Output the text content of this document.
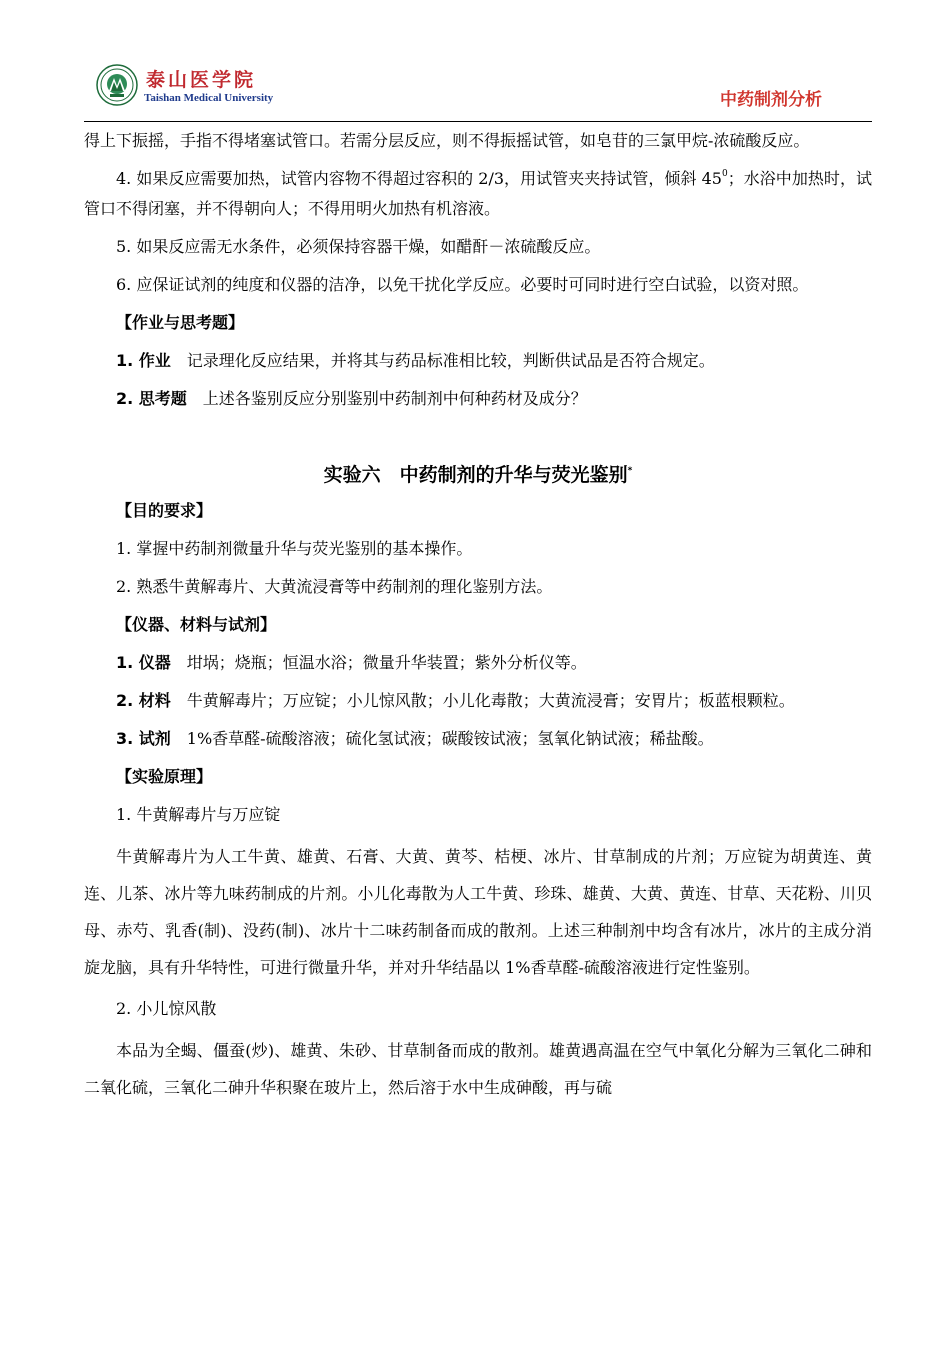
泰山医学院
Taishan Medical University	中药制剂分析

得上下振摇，手指不得堵塞试管口。若需分层反应，则不得振摇试管，如皂苷的三氯甲烷-浓硫酸反应。

4. 如果反应需要加热，试管内容物不得超过容积的 2/3，用试管夹夹持试管，倾斜 $45^0$；水浴中加热时，试管口不得闭塞，并不得朝向人；不得用明火加热有机溶液。

5. 如果反应需无水条件，必须保持容器干燥，如醋酐－浓硫酸反应。

6. 应保证试剂的纯度和仪器的洁净，以免干扰化学反应。必要时可同时进行空白试验，以资对照。

【作业与思考题】

1. 作业 记录理化反应结果，并将其与药品标准相比较，判断供试品是否符合规定。

2. 思考题 上述各鉴别反应分别鉴别中药制剂中何种药材及成分？

实验六　中药制剂的升华与荧光鉴别*

【目的要求】

1. 掌握中药制剂微量升华与荧光鉴别的基本操作。

2. 熟悉牛黄解毒片、大黄流浸膏等中药制剂的理化鉴别方法。

【仪器、材料与试剂】

1. 仪器 坩埚；烧瓶；恒温水浴；微量升华装置；紫外分析仪等。

2. 材料 牛黄解毒片；万应锭；小儿惊风散；小儿化毒散；大黄流浸膏；安胃片；板蓝根颗粒。

3. 试剂 1%香草醛-硫酸溶液；硫化氢试液；碳酸铵试液；氢氧化钠试液；稀盐酸。

【实验原理】

1. 牛黄解毒片与万应锭

牛黄解毒片为人工牛黄、雄黄、石膏、大黄、黄芩、桔梗、冰片、甘草制成的片剂；万应锭为胡黄连、黄连、儿茶、冰片等九味药制成的片剂。小儿化毒散为人工牛黄、珍珠、雄黄、大黄、黄连、甘草、天花粉、川贝母、赤芍、乳香(制)、没药(制)、冰片十二味药制备而成的散剂。上述三种制剂中均含有冰片，冰片的主成分消旋龙脑，具有升华特性，可进行微量升华，并对升华结晶以 1%香草醛-硫酸溶液进行定性鉴别。

2. 小儿惊风散

本品为全蝎、僵蚕(炒)、雄黄、朱砂、甘草制备而成的散剂。雄黄遇高温在空气中氧化分解为三氧化二砷和二氧化硫，三氧化二砷升华积聚在玻片上，然后溶于水中生成砷酸，再与硫
